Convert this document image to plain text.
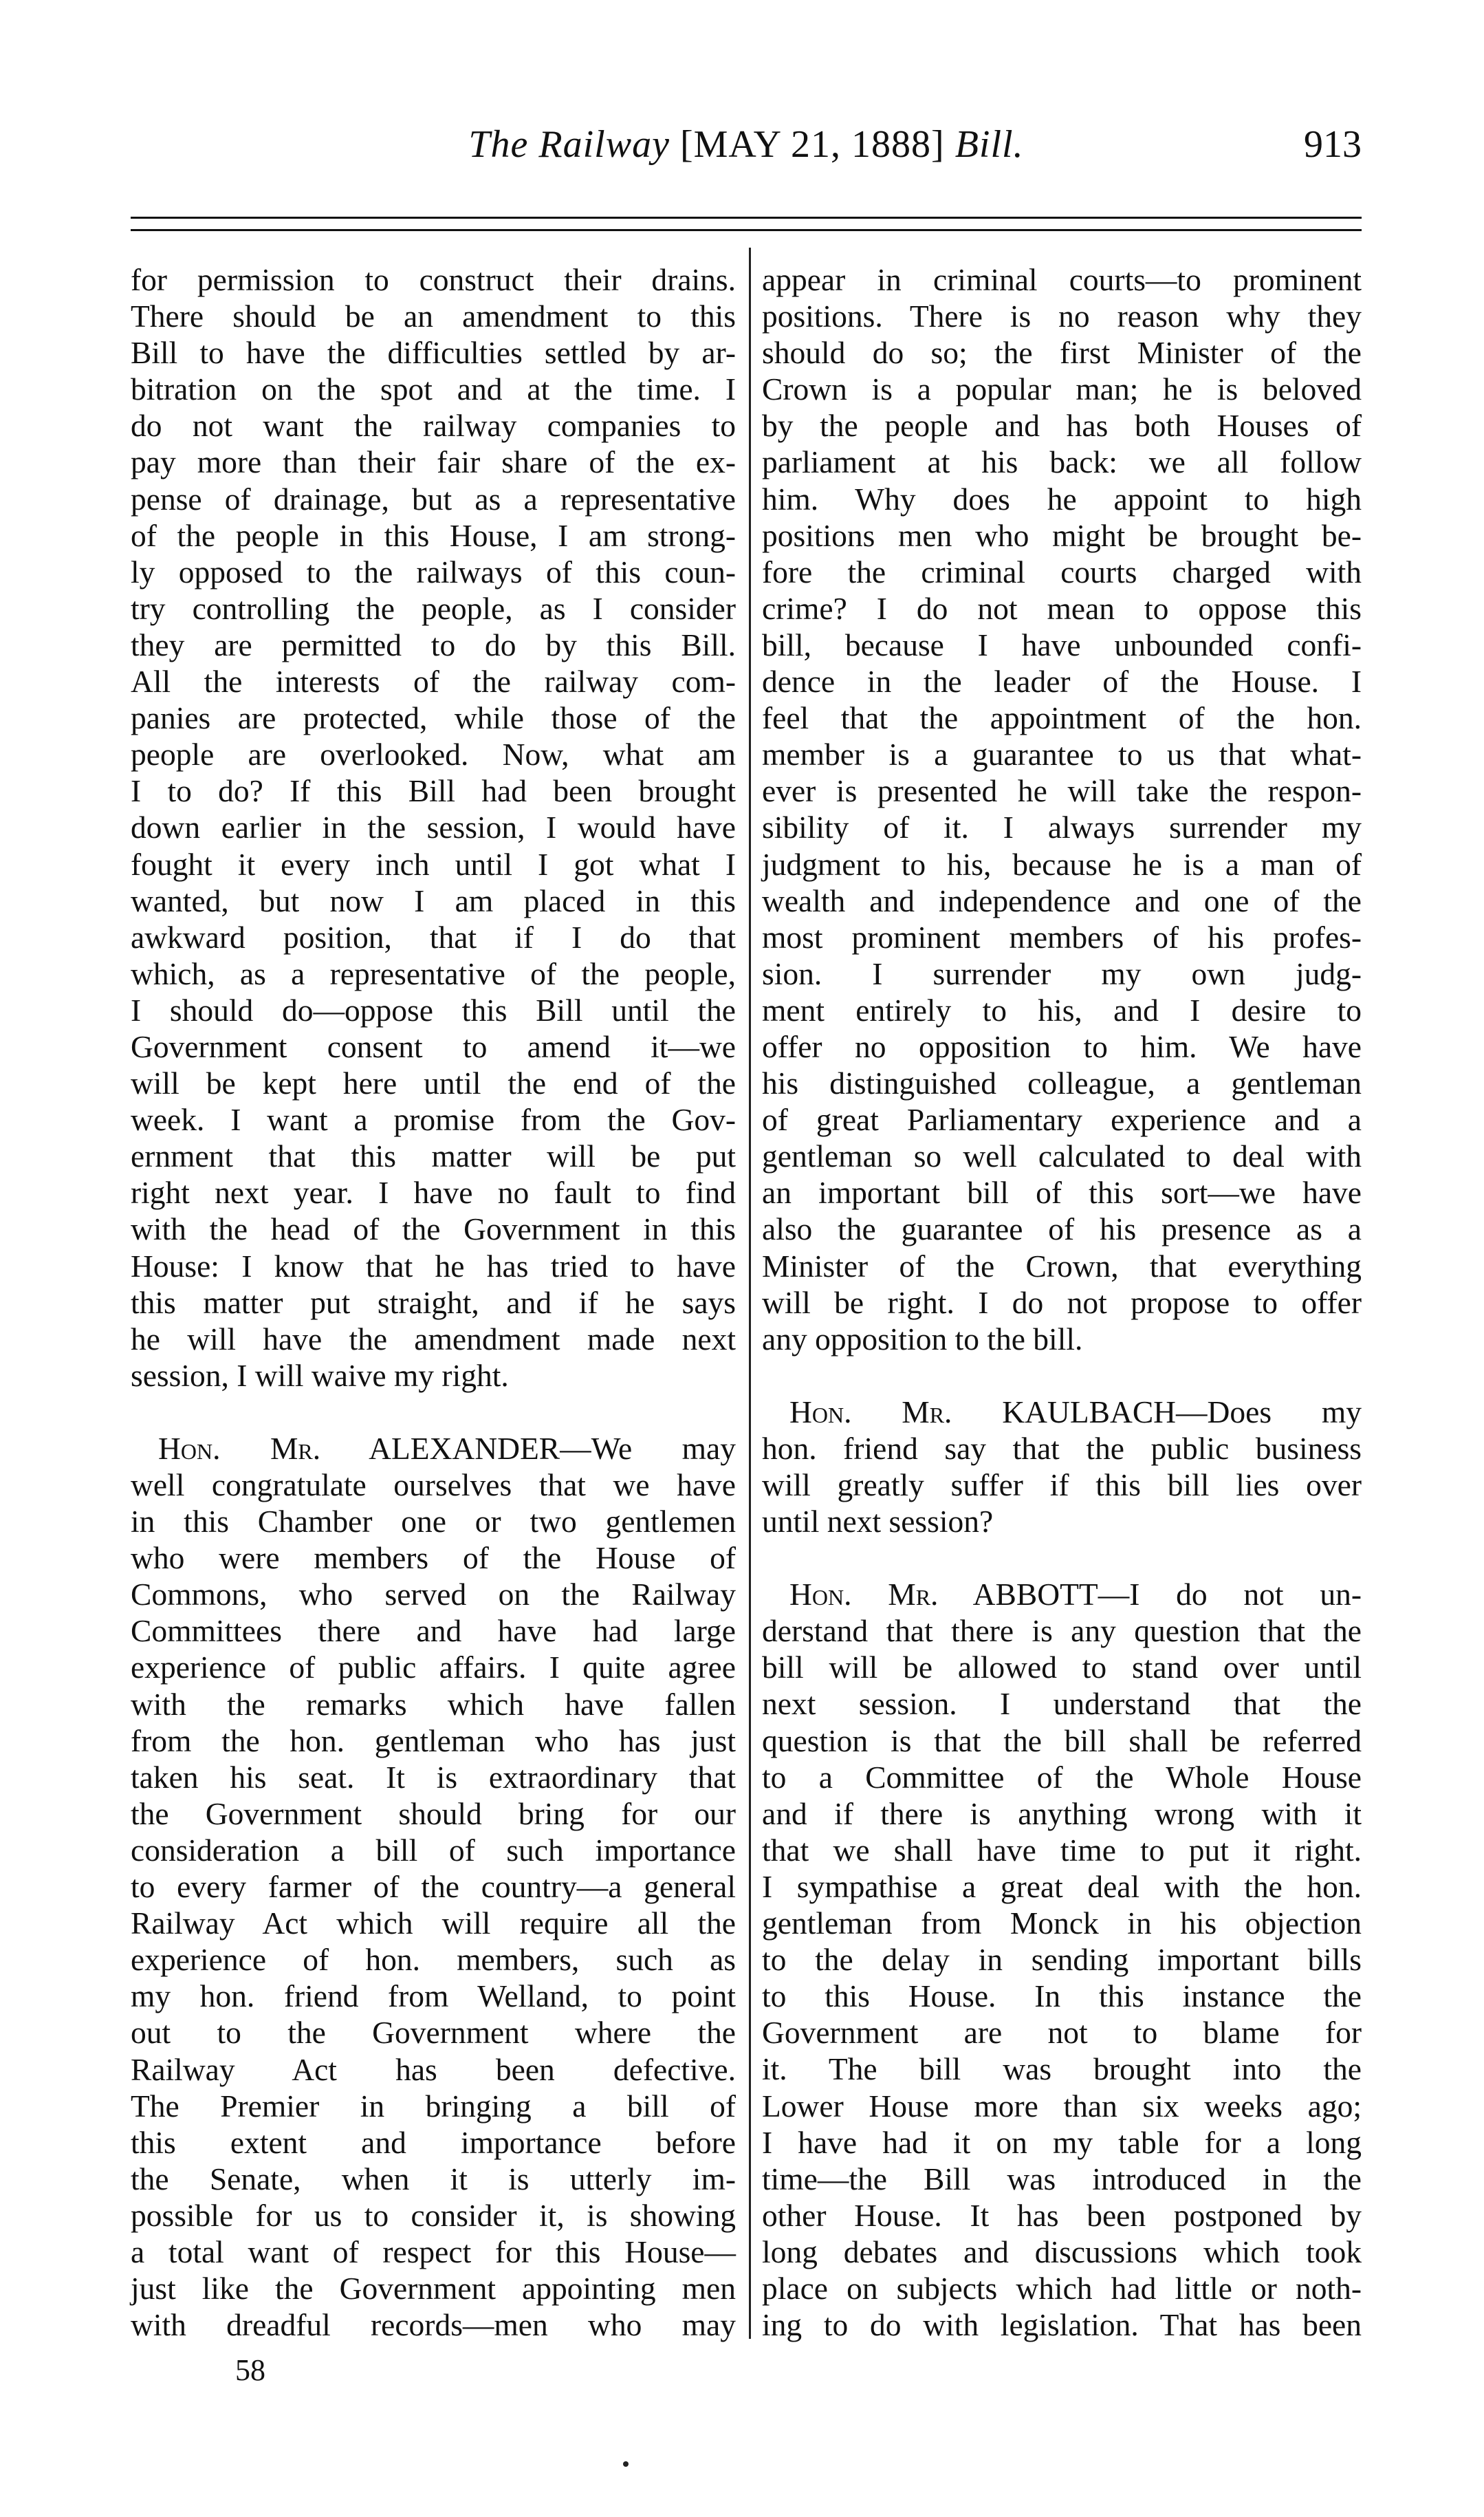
The Railway [MAY 21, 1888] Bill.	913
for permission to construct their drains.
There should be an amendment to this
Bill to have the difficulties settled by ar-
bitration on the spot and at the time. I
do not want the railway companies to
pay more than their fair share of the ex-
pense of drainage, but as a representative
of the people in this House, I am strong-
ly opposed to the railways of this coun-
try controlling the people, as I consider
they are permitted to do by this Bill.
All the interests of the railway com-
panies are protected, while those of the
people are overlooked. Now, what am
I to do? If this Bill had been brought
down earlier in the session, I would have
fought it every inch until I got what I
wanted, but now I am placed in this
awkward position, that if I do that
which, as a representative of the people,
I should do—oppose this Bill until the
Government consent to amend it—we
will be kept here until the end of the
week. I want a promise from the Gov-
ernment that this matter will be put
right next year. I have no fault to find
with the head of the Government in this
House: I know that he has tried to have
this matter put straight, and if he says
he will have the amendment made next
session, I will waive my right.
Hon. Mr. ALEXANDER—We may
well congratulate ourselves that we have
in this Chamber one or two gentlemen
who were members of the House of
Commons, who served on the Railway
Committees there and have had large
experience of public affairs. I quite agree
with the remarks which have fallen
from the hon. gentleman who has just
taken his seat. It is extraordinary that
the Government should bring for our
consideration a bill of such importance
to every farmer of the country—a general
Railway Act which will require all the
experience of hon. members, such as
my hon. friend from Welland, to point
out to the Government where the
Railway Act has been defective.
The Premier in bringing a bill of
this extent and importance before
the Senate, when it is utterly im-
possible for us to consider it, is showing
a total want of respect for this House—
just like the Government appointing men
with dreadful records—men who may
appear in criminal courts—to prominent
positions. There is no reason why they
should do so; the first Minister of the
Crown is a popular man; he is beloved
by the people and has both Houses of
parliament at his back: we all follow
him. Why does he appoint to high
positions men who might be brought be-
fore the criminal courts charged with
crime? I do not mean to oppose this
bill, because I have unbounded confi-
dence in the leader of the House. I
feel that the appointment of the hon.
member is a guarantee to us that what-
ever is presented he will take the respon-
sibility of it. I always surrender my
judgment to his, because he is a man of
wealth and independence and one of the
most prominent members of his profes-
sion. I surrender my own judg-
ment entirely to his, and I desire to
offer no opposition to him. We have
his distinguished colleague, a gentleman
of great Parliamentary experience and a
gentleman so well calculated to deal with
an important bill of this sort—we have
also the guarantee of his presence as a
Minister of the Crown, that everything
will be right. I do not propose to offer
any opposition to the bill.
Hon. Mr. KAULBACH—Does my
hon. friend say that the public business
will greatly suffer if this bill lies over
until next session?
Hon. Mr. ABBOTT—I do not un-
derstand that there is any question that the
bill will be allowed to stand over until
next session. I understand that the
question is that the bill shall be referred
to a Committee of the Whole House
and if there is anything wrong with it
that we shall have time to put it right.
I sympathise a great deal with the hon.
gentleman from Monck in his objection
to the delay in sending important bills
to this House. In this instance the
Government are not to blame for
it. The bill was brought into the
Lower House more than six weeks ago;
I have had it on my table for a long
time—the Bill was introduced in the
other House. It has been postponed by
long debates and discussions which took
place on subjects which had little or noth-
ing to do with legislation. That has been
58
